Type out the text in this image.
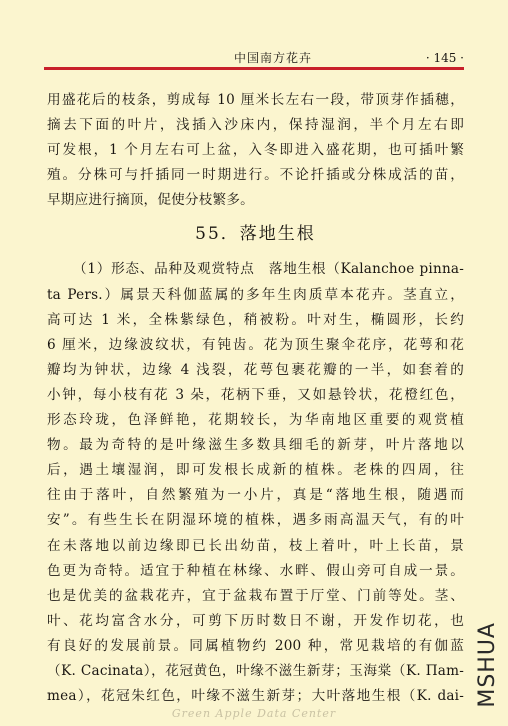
中国南方花卉	· 145 ·
用盛花后的枝条，剪成每 10 厘米长左右一段，带顶芽作插穗，
摘去下面的叶片，浅插入沙床内，保持湿润，半个月左右即
可发根，1 个月左右可上盆，入冬即进入盛花期，也可插叶繁
殖。分株可与扦插同一时期进行。不论扦插或分株成活的苗，
早期应进行摘顶，促使分枝繁多。
55．落地生根
（1）形态、品种及观赏特点　落地生根（Kalanchoe pinna-
ta Pers.）属景天科伽蓝属的多年生肉质草本花卉。茎直立，
高可达 1 米，全株紫绿色，稍被粉。叶对生，椭圆形，长约
6 厘米，边缘波纹状，有钝齿。花为顶生聚伞花序，花萼和花
瓣均为钟状，边缘 4 浅裂，花萼包裹花瓣的一半，如套着的
小钟，每小枝有花 3 朵，花柄下垂，又如悬铃状，花橙红色，
形态玲珑，色泽鲜艳，花期较长，为华南地区重要的观赏植
物。最为奇特的是叶缘滋生多数具细毛的新芽，叶片落地以
后，遇土壤湿润，即可发根长成新的植株。老株的四周，往
往由于落叶，自然繁殖为一小片，真是“落地生根，随遇而
安”。有些生长在阴湿环境的植株，遇多雨高温天气，有的叶
在未落地以前边缘即已长出幼苗，枝上着叶，叶上长苗，景
色更为奇特。适宜于种植在林缘、水畔、假山旁可自成一景。
也是优美的盆栽花卉，宜于盆栽布置于厅堂、门前等处。茎、
叶、花均富含水分，可剪下历时数日不谢，开发作切花，也
有良好的发展前景。同属植物约 200 种，常见栽培的有伽蓝
（K. Cacinata），花冠黄色，叶缘不滋生新芽；玉海棠（K. Пam-
mea），花冠朱红色，叶缘不滋生新芽；大叶落地生根（K. dai- MSHUA
Green Apple Data Center
